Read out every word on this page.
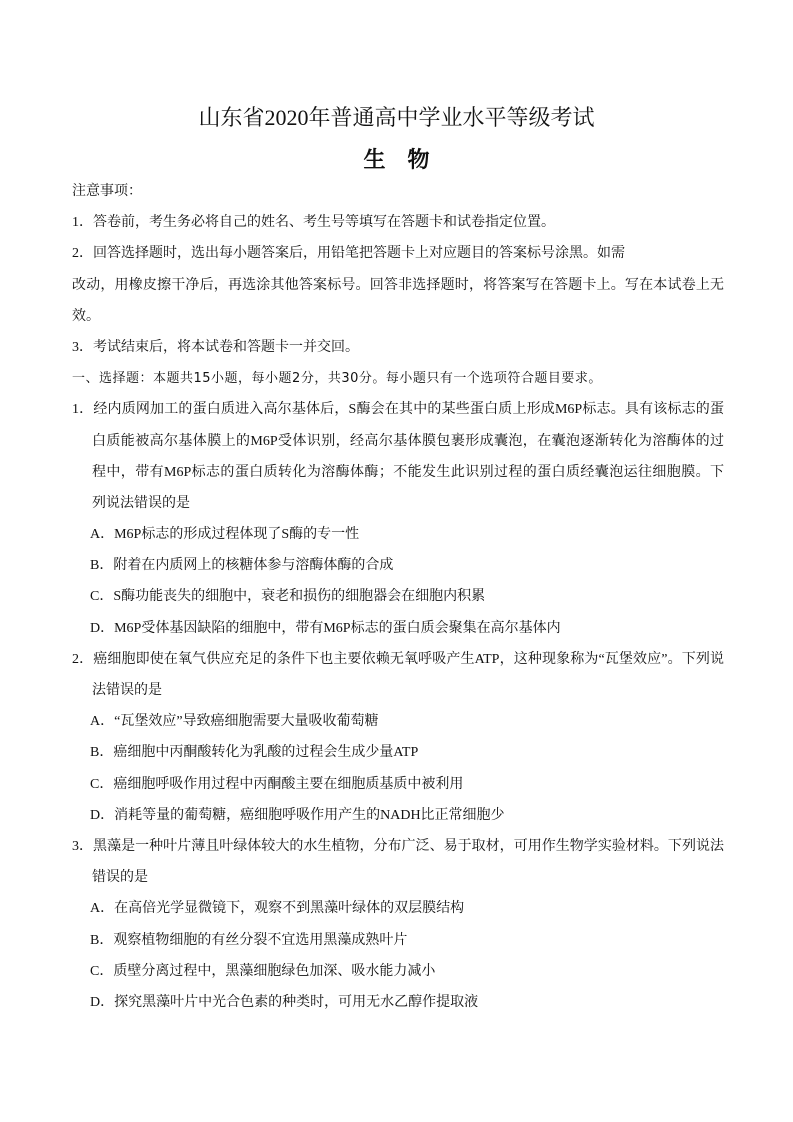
山东省2020年普通高中学业水平等级考试
生　物
注意事项：
1．答卷前，考生务必将自己的姓名、考生号等填写在答题卡和试卷指定位置。
2．回答选择题时，选出每小题答案后，用铅笔把答题卡上对应题目的答案标号涂黑。如需
改动，用橡皮擦干净后，再选涂其他答案标号。回答非选择题时，将答案写在答题卡上。写在本试卷上无
效。
3．考试结束后，将本试卷和答题卡一并交回。
一、选择题：本题共15小题，每小题2分，共30分。每小题只有一个选项符合题目要求。
1．经内质网加工的蛋白质进入高尔基体后，S酶会在其中的某些蛋白质上形成M6P标志。具有该标志的蛋
白质能被高尔基体膜上的M6P受体识别，经高尔基体膜包裹形成囊泡，在囊泡逐渐转化为溶酶体的过
程中，带有M6P标志的蛋白质转化为溶酶体酶；不能发生此识别过程的蛋白质经囊泡运往细胞膜。下
列说法错误的是
A．M6P标志的形成过程体现了S酶的专一性
B．附着在内质网上的核糖体参与溶酶体酶的合成
C．S酶功能丧失的细胞中，衰老和损伤的细胞器会在细胞内积累
D．M6P受体基因缺陷的细胞中，带有M6P标志的蛋白质会聚集在高尔基体内
2．癌细胞即使在氧气供应充足的条件下也主要依赖无氧呼吸产生ATP，这种现象称为“瓦堡效应”。下列说
法错误的是
A．“瓦堡效应”导致癌细胞需要大量吸收葡萄糖
B．癌细胞中丙酮酸转化为乳酸的过程会生成少量ATP
C．癌细胞呼吸作用过程中丙酮酸主要在细胞质基质中被利用
D．消耗等量的葡萄糖，癌细胞呼吸作用产生的NADH比正常细胞少
3．黑藻是一种叶片薄且叶绿体较大的水生植物，分布广泛、易于取材，可用作生物学实验材料。下列说法
错误的是
A．在高倍光学显微镜下，观察不到黑藻叶绿体的双层膜结构
B．观察植物细胞的有丝分裂不宜选用黑藻成熟叶片
C．质壁分离过程中，黑藻细胞绿色加深、吸水能力减小
D．探究黑藻叶片中光合色素的种类时，可用无水乙醇作提取液
